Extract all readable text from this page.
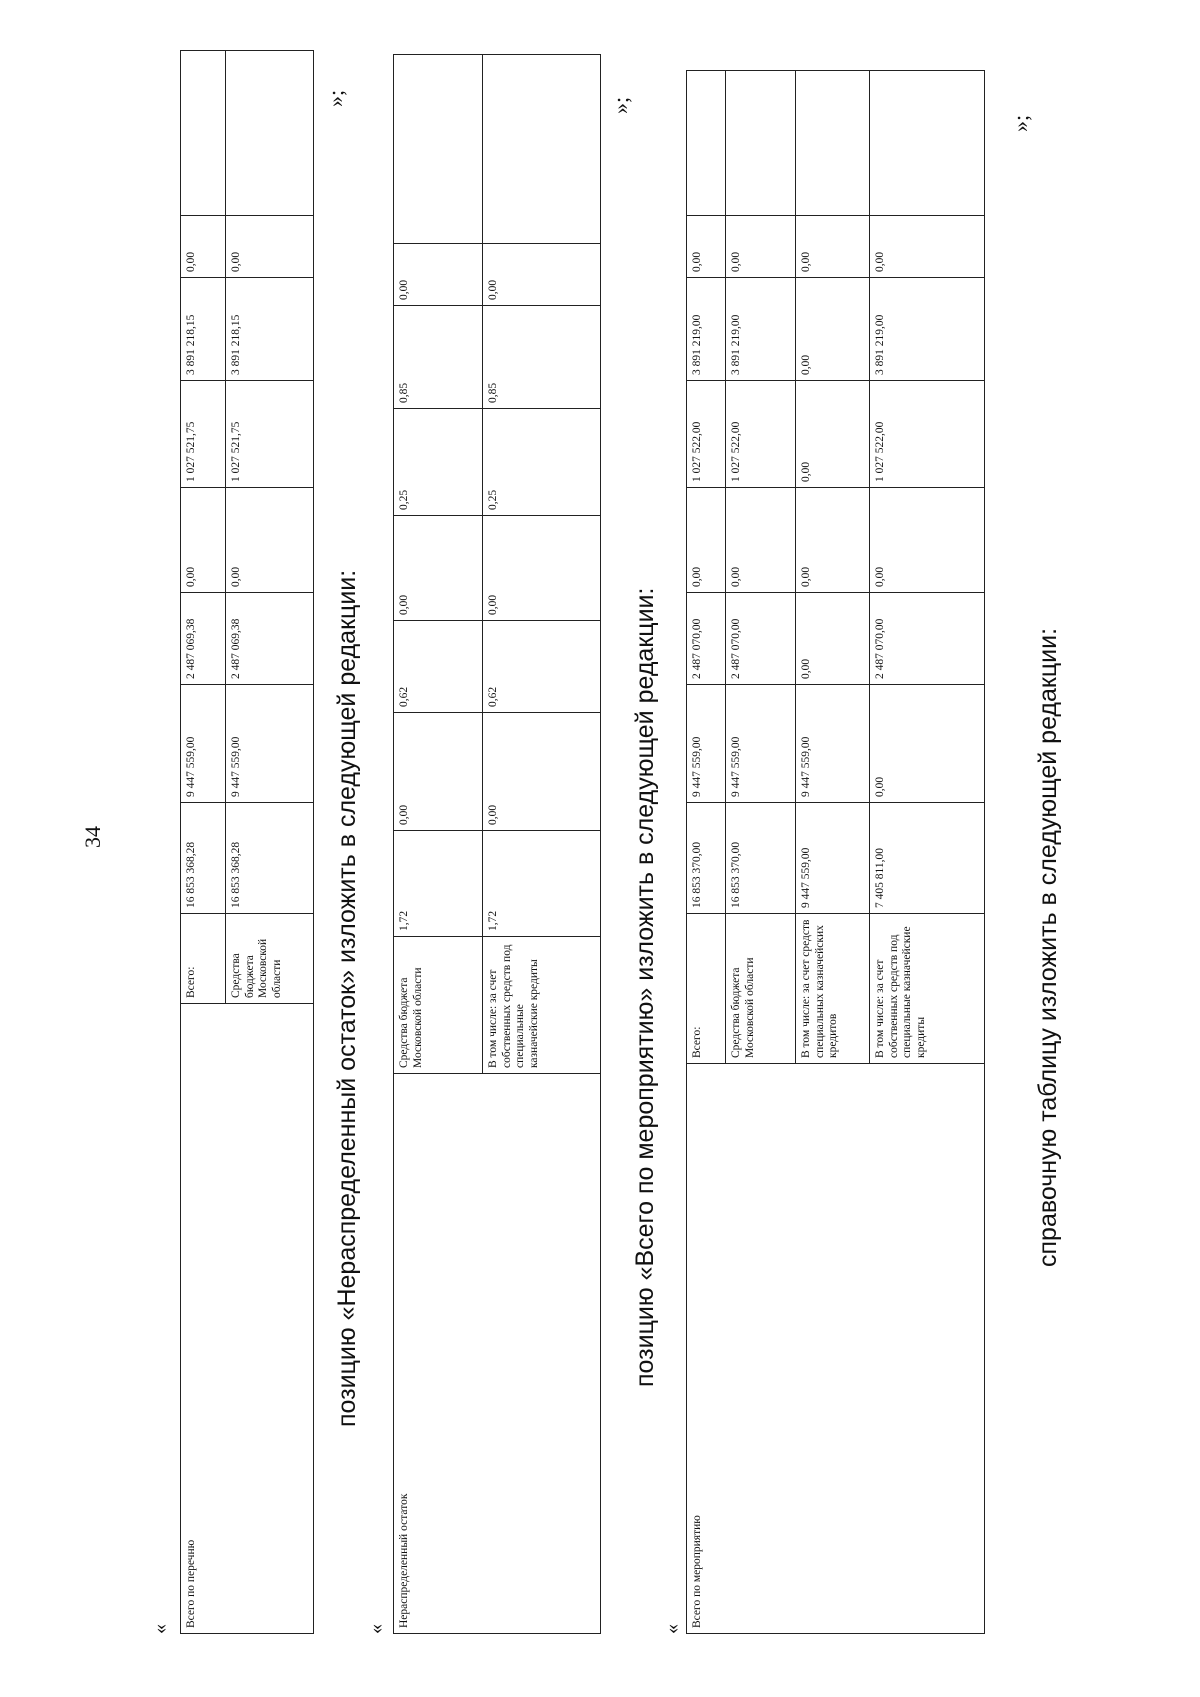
34
«
Всего по перечню	Всего:	16 853 368,28	9 447 559,00	2 487 069,38	0,00	1 027 521,75	3 891 218,15	0,00	
	Средства бюджета Московской области	16 853 368,28	9 447 559,00	2 487 069,38	0,00	1 027 521,75	3 891 218,15	0,00	
»;
позицию «Нераспределенный остаток» изложить в следующей редакции:
«
Нераспределенный остаток	Средства бюджета Московской области	1,72	0,00	0,62	0,00	0,25	0,85	0,00	
	В том числе: за счет собственных средств под специальные казначейские кредиты	1,72	0,00	0,62	0,00	0,25	0,85	0,00	
»;
позицию «Всего по мероприятию» изложить в следующей редакции:
«
Всего по мероприятию	Всего:	16 853 370,00	9 447 559,00	2 487 070,00	0,00	1 027 522,00	3 891 219,00	0,00	
	Средства бюджета Московской области	16 853 370,00	9 447 559,00	2 487 070,00	0,00	1 027 522,00	3 891 219,00	0,00	
	В том числе: за счет средств специальных казначейских кредитов	9 447 559,00	9 447 559,00	0,00	0,00	0,00	0,00	0,00	
	В том числе: за счет собственных средств под специальные казначейские кредиты	7 405 811,00	0,00	2 487 070,00	0,00	1 027 522,00	3 891 219,00	0,00	
»;
справочную таблицу изложить в следующей редакции:
